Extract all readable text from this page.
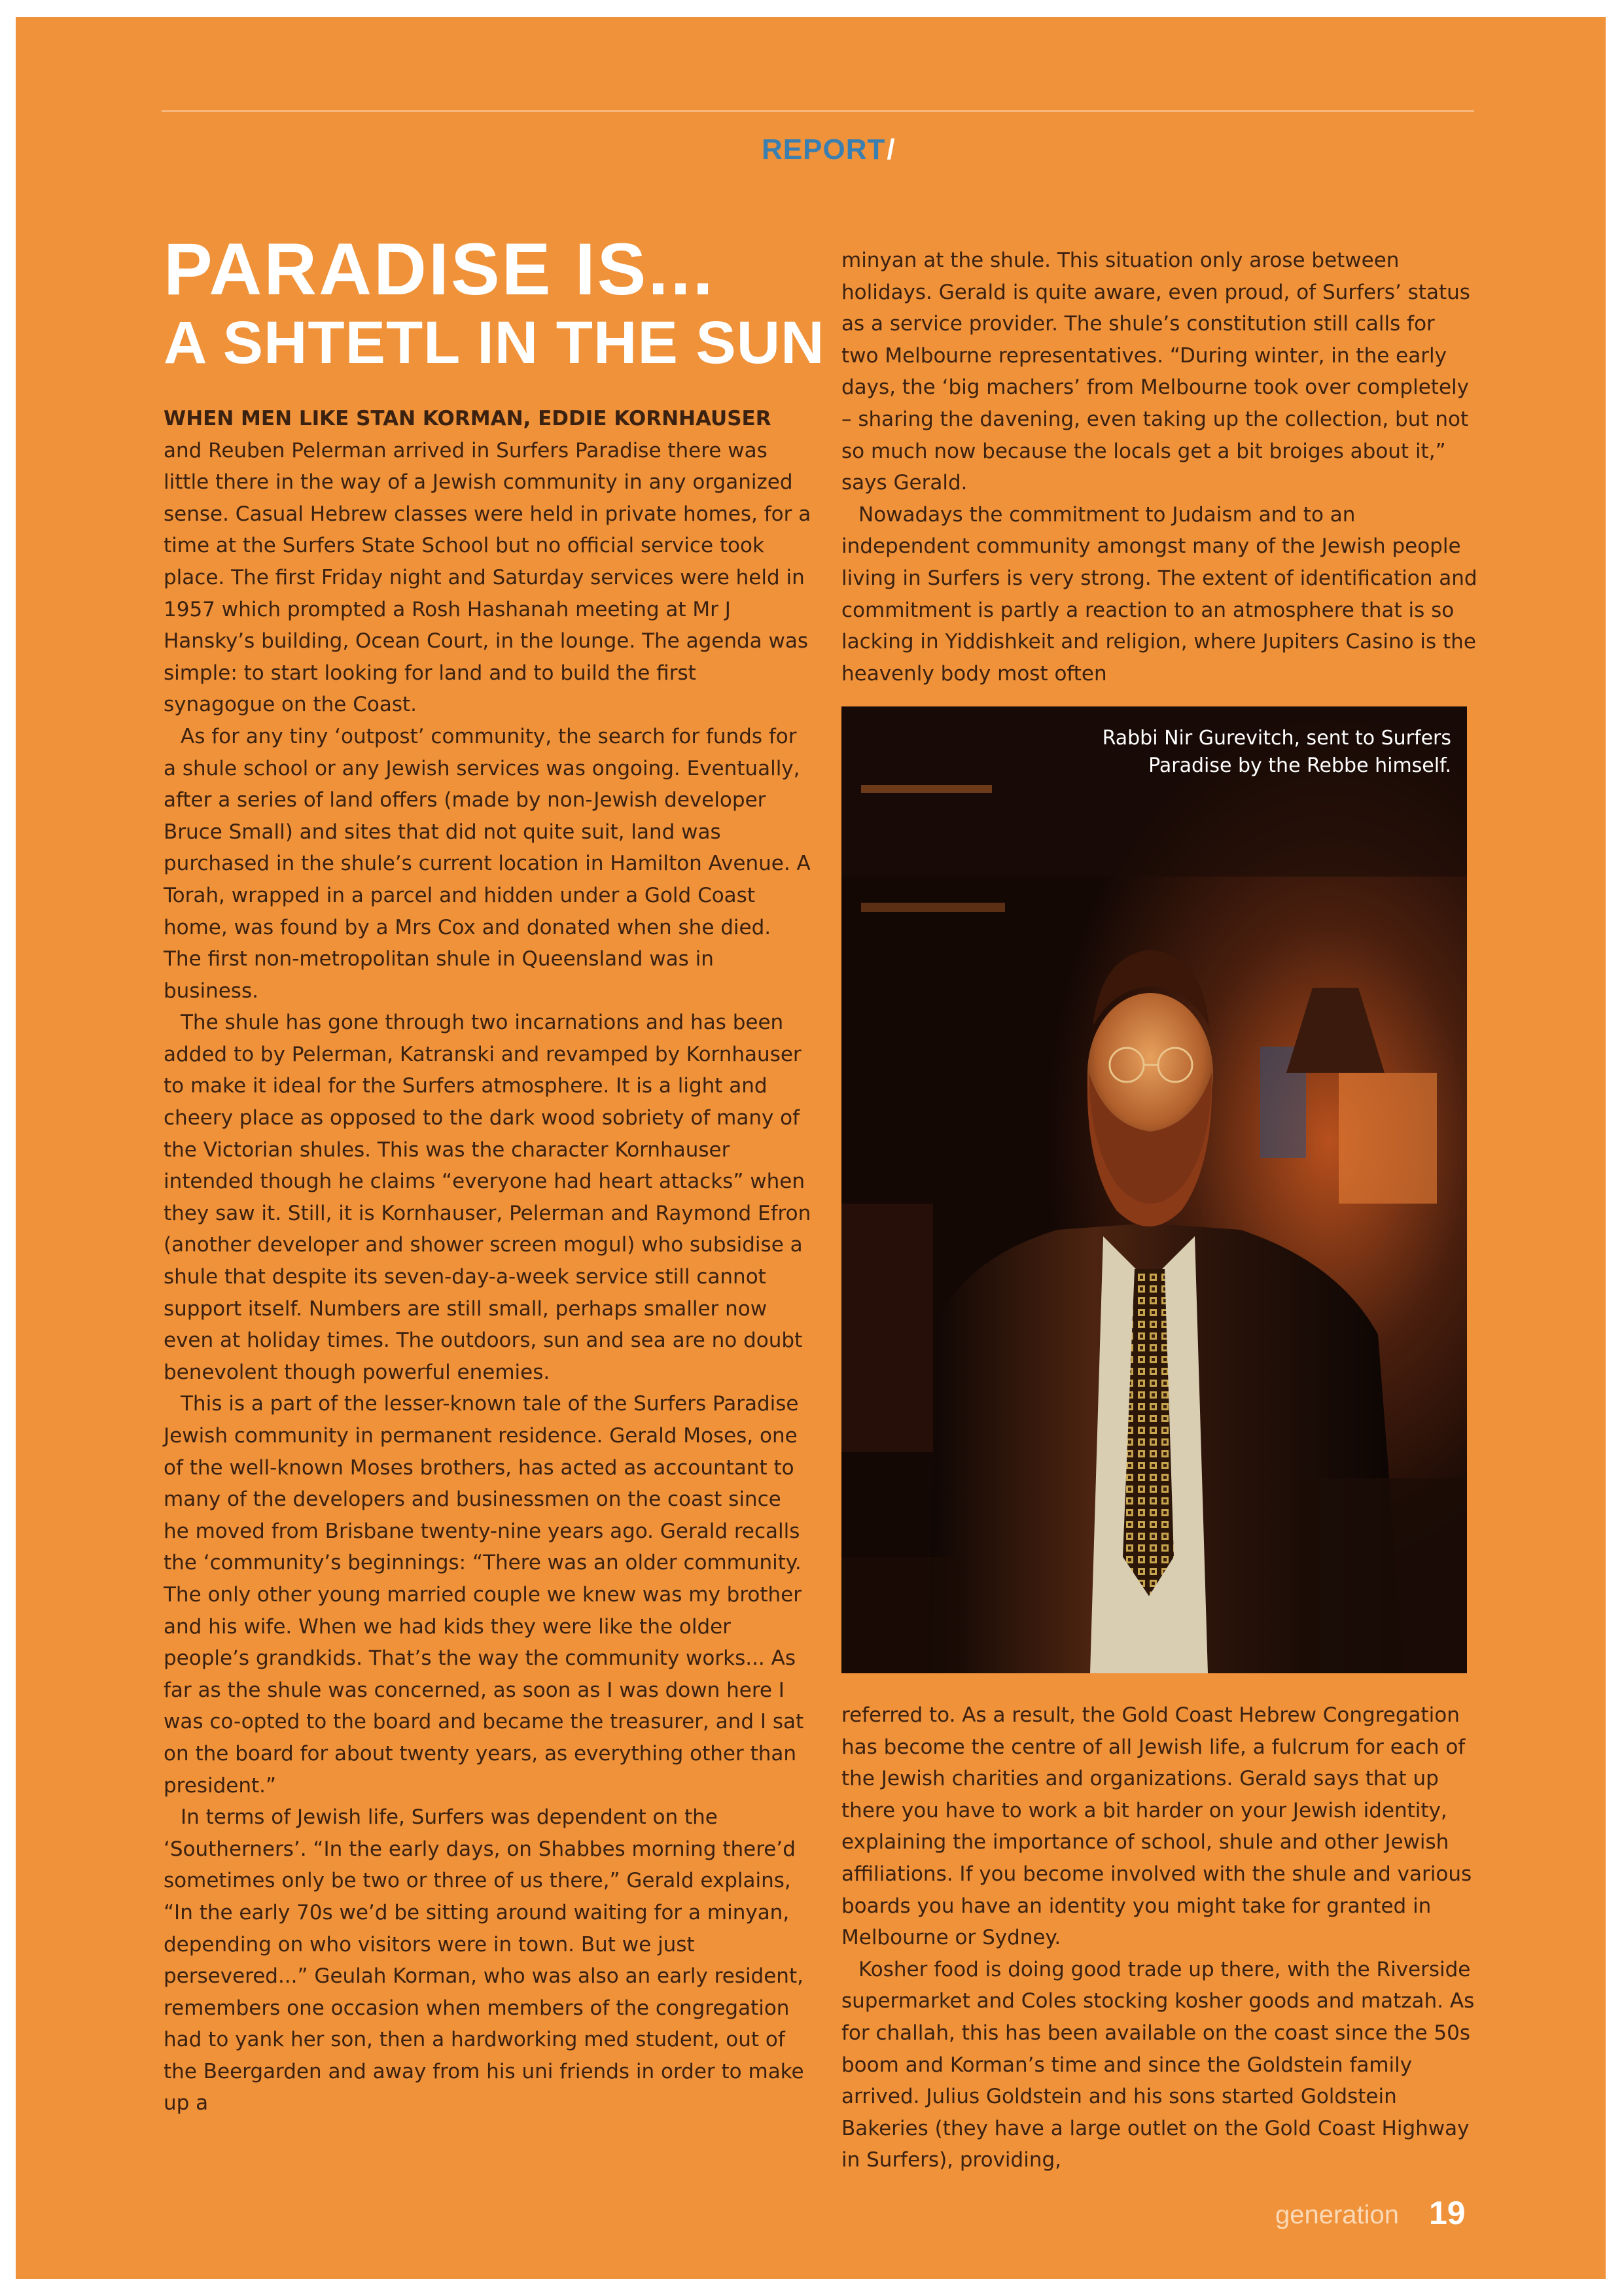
REPORT/
PARADISE IS...
A SHTETL IN THE SUN

WHEN MEN LIKE STAN KORMAN, EDDIE KORNHAUSER and Reuben Pelerman arrived in Surfers Paradise there was little there in the way of a Jewish community in any organized sense. Casual Hebrew classes were held in private homes, for a time at the Surfers State School but no official service took place. The first Friday night and Saturday services were held in 1957 which prompted a Rosh Hashanah meeting at Mr J Hansky’s building, Ocean Court, in the lounge. The agenda was simple: to start looking for land and to build the first synagogue on the Coast.

As for any tiny ‘outpost’ community, the search for funds for a shule school or any Jewish services was ongoing. Eventually, after a series of land offers (made by non-Jewish developer Bruce Small) and sites that did not quite suit, land was purchased in the shule’s current location in Hamilton Avenue. A Torah, wrapped in a parcel and hidden under a Gold Coast home, was found by a Mrs Cox and donated when she died. The first non-metropolitan shule in Queensland was in business.

The shule has gone through two incarnations and has been added to by Pelerman, Katranski and revamped by Kornhauser to make it ideal for the Surfers atmosphere. It is a light and cheery place as opposed to the dark wood sobriety of many of the Victorian shules. This was the character Kornhauser intended though he claims “everyone had heart attacks” when they saw it. Still, it is Kornhauser, Pelerman and Raymond Efron (another developer and shower screen mogul) who subsidise a shule that despite its seven-day-a-week service still cannot support itself. Numbers are still small, perhaps smaller now even at holiday times. The outdoors, sun and sea are no doubt benevolent though powerful enemies.

This is a part of the lesser-known tale of the Surfers Paradise Jewish community in permanent residence. Gerald Moses, one of the well-known Moses brothers, has acted as accountant to many of the developers and businessmen on the coast since he moved from Brisbane twenty-nine years ago. Gerald recalls the ‘community’s beginnings: “There was an older community. The only other young married couple we knew was my brother and his wife. When we had kids they were like the older people’s grandkids. That’s the way the community works... As far as the shule was concerned, as soon as I was down here I was co-opted to the board and became the treasurer, and I sat on the board for about twenty years, as everything other than president.”

In terms of Jewish life, Surfers was dependent on the ‘Southerners’. “In the early days, on Shabbes morning there’d sometimes only be two or three of us there,” Gerald explains, “In the early 70s we’d be sitting around waiting for a minyan, depending on who visitors were in town. But we just persevered...” Geulah Korman, who was also an early resident, remembers one occasion when members of the congregation had to yank her son, then a hardworking med student, out of the Beergarden and away from his uni friends in order to make up a

minyan at the shule. This situation only arose between holidays. Gerald is quite aware, even proud, of Surfers’ status as a service provider. The shule’s constitution still calls for two Melbourne representatives. “During winter, in the early days, the ‘big machers’ from Melbourne took over completely – sharing the davening, even taking up the collection, but not so much now because the locals get a bit broiges about it,” says Gerald.

Nowadays the commitment to Judaism and to an independent community amongst many of the Jewish people living in Surfers is very strong. The extent of identification and commitment is partly a reaction to an atmosphere that is so lacking in Yiddishkeit and religion, where Jupiters Casino is the heavenly body most often

Rabbi Nir Gurevitch, sent to Surfers Paradise by the Rebbe himself.

referred to. As a result, the Gold Coast Hebrew Congregation has become the centre of all Jewish life, a fulcrum for each of the Jewish charities and organizations. Gerald says that up there you have to work a bit harder on your Jewish identity, explaining the importance of school, shule and other Jewish affiliations. If you become involved with the shule and various boards you have an identity you might take for granted in Melbourne or Sydney.

Kosher food is doing good trade up there, with the Riverside supermarket and Coles stocking kosher goods and matzah. As for challah, this has been available on the coast since the 50s boom and Korman’s time and since the Goldstein family arrived. Julius Goldstein and his sons started Goldstein Bakeries (they have a large outlet on the Gold Coast Highway in Surfers), providing,

generation 19
